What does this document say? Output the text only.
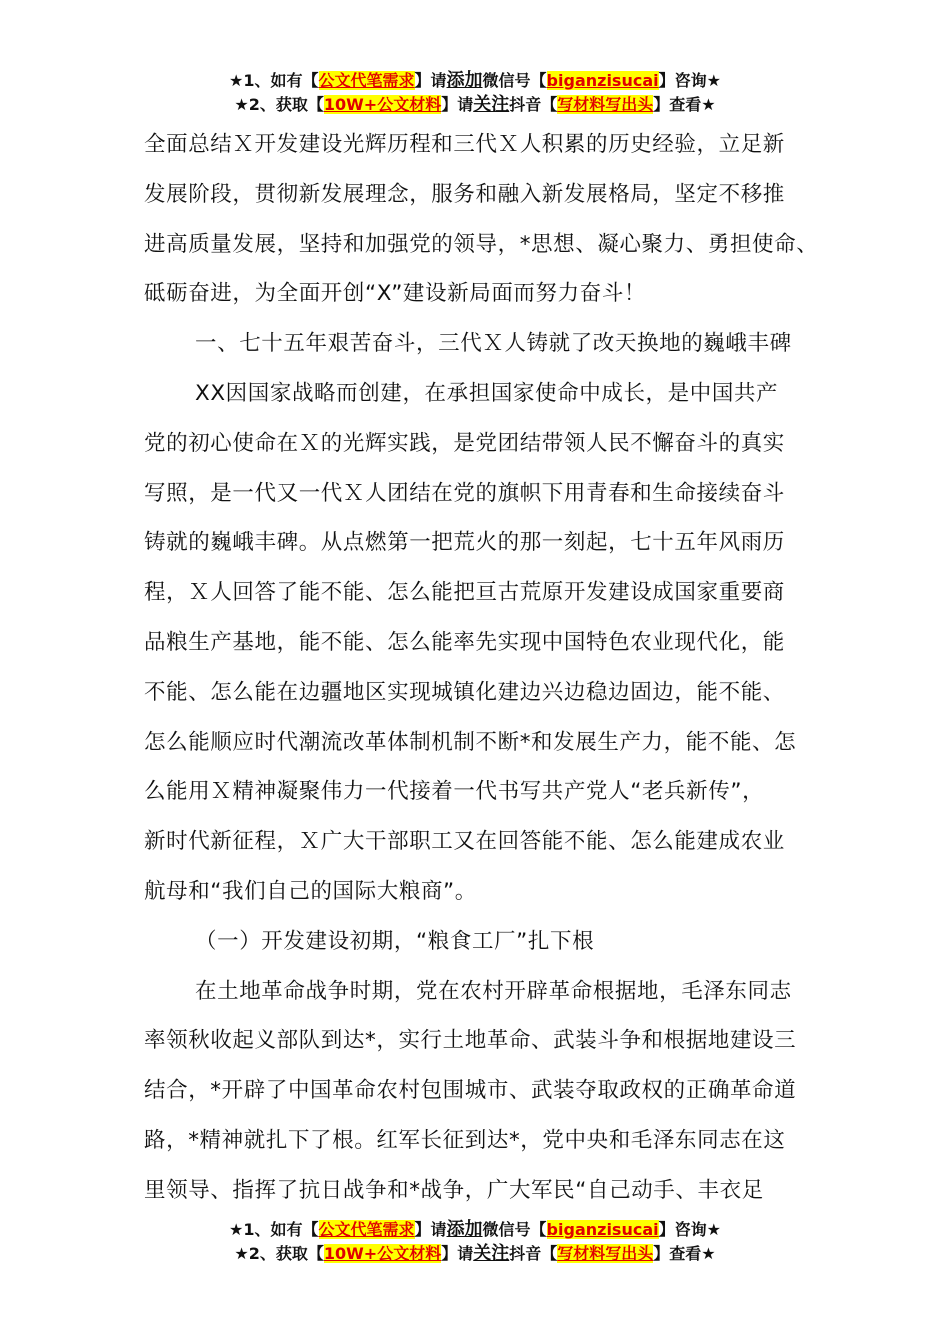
★1、如有【公文代笔需求】请添加微信号【biganzisucai】咨询★
★2、获取【10W+公文材料】请关注抖音【写材料写出头】查看★
全面总结Ｘ开发建设光辉历程和三代Ｘ人积累的历史经验，立足新
发展阶段，贯彻新发展理念，服务和融入新发展格局，坚定不移推
进高质量发展，坚持和加强党的领导，*思想、凝心聚力、勇担使命、
砥砺奋进，为全面开创“X”建设新局面而努力奋斗！
一、七十五年艰苦奋斗，三代Ｘ人铸就了改天换地的巍峨丰碑
XX因国家战略而创建，在承担国家使命中成长，是中国共产
党的初心使命在Ｘ的光辉实践，是党团结带领人民不懈奋斗的真实
写照，是一代又一代Ｘ人团结在党的旗帜下用青春和生命接续奋斗
铸就的巍峨丰碑。从点燃第一把荒火的那一刻起，七十五年风雨历
程，Ｘ人回答了能不能、怎么能把亘古荒原开发建设成国家重要商
品粮生产基地，能不能、怎么能率先实现中国特色农业现代化，能
不能、怎么能在边疆地区实现城镇化建边兴边稳边固边，能不能、
怎么能顺应时代潮流改革体制机制不断*和发展生产力，能不能、怎
么能用Ｘ精神凝聚伟力一代接着一代书写共产党人“老兵新传”，
新时代新征程，Ｘ广大干部职工又在回答能不能、怎么能建成农业
航母和“我们自己的国际大粮商”。
（一）开发建设初期，“粮食工厂”扎下根
在土地革命战争时期，党在农村开辟革命根据地，毛泽东同志
率领秋收起义部队到达*，实行土地革命、武装斗争和根据地建设三
结合，*开辟了中国革命农村包围城市、武装夺取政权的正确革命道
路，*精神就扎下了根。红军长征到达*，党中央和毛泽东同志在这
里领导、指挥了抗日战争和*战争，广大军民“自己动手、丰衣足
★1、如有【公文代笔需求】请添加微信号【biganzisucai】咨询★
★2、获取【10W+公文材料】请关注抖音【写材料写出头】查看★
